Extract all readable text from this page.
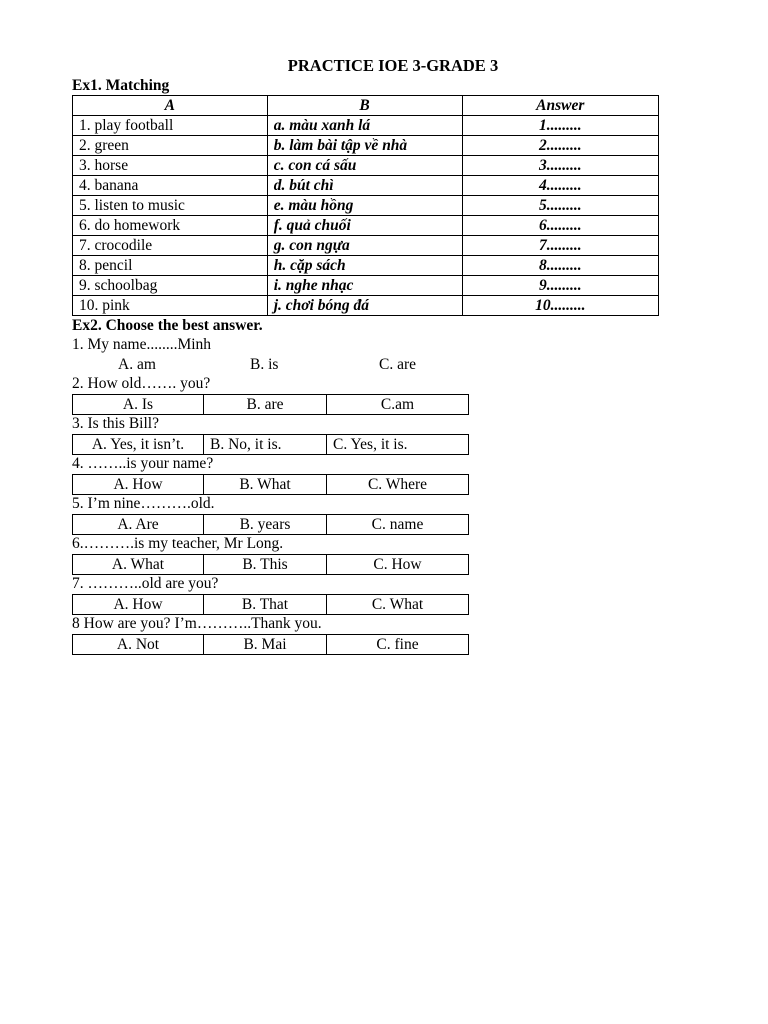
PRACTICE IOE 3-GRADE 3
Ex1. Matching
A	B	Answer
1. play football	a. màu xanh lá	1.........
2. green	b. làm bài tập về nhà	2.........
3. horse	c. con cá sấu	3.........
4. banana	d. bút chì	4.........
5. listen to music	e. màu hồng	5.........
6. do homework	f. quả chuối	6.........
7. crocodile	g. con ngựa	7.........
8. pencil	h. cặp sách	8.........
9. schoolbag	i. nghe nhạc	9.........
10. pink	j. chơi bóng đá	10.........
Ex2. Choose the best answer.
1. My name........Minh
A. am	B. is	C. are
2. How old……. you?
A. Is	B. are	C.am
3. Is this Bill?
A. Yes, it isn’t.	B. No, it is.	C. Yes, it is.
4. ……..is your name?
A. How	B. What	C. Where
5. I’m nine……….old.
A. Are	B. years	C. name
6.……….is my teacher, Mr Long.
A. What	B. This	C. How
7. ………..old are you?
A. How	B. That	C. What
8 How are you? I’m………..Thank you.
A. Not	B. Mai	C. fine
